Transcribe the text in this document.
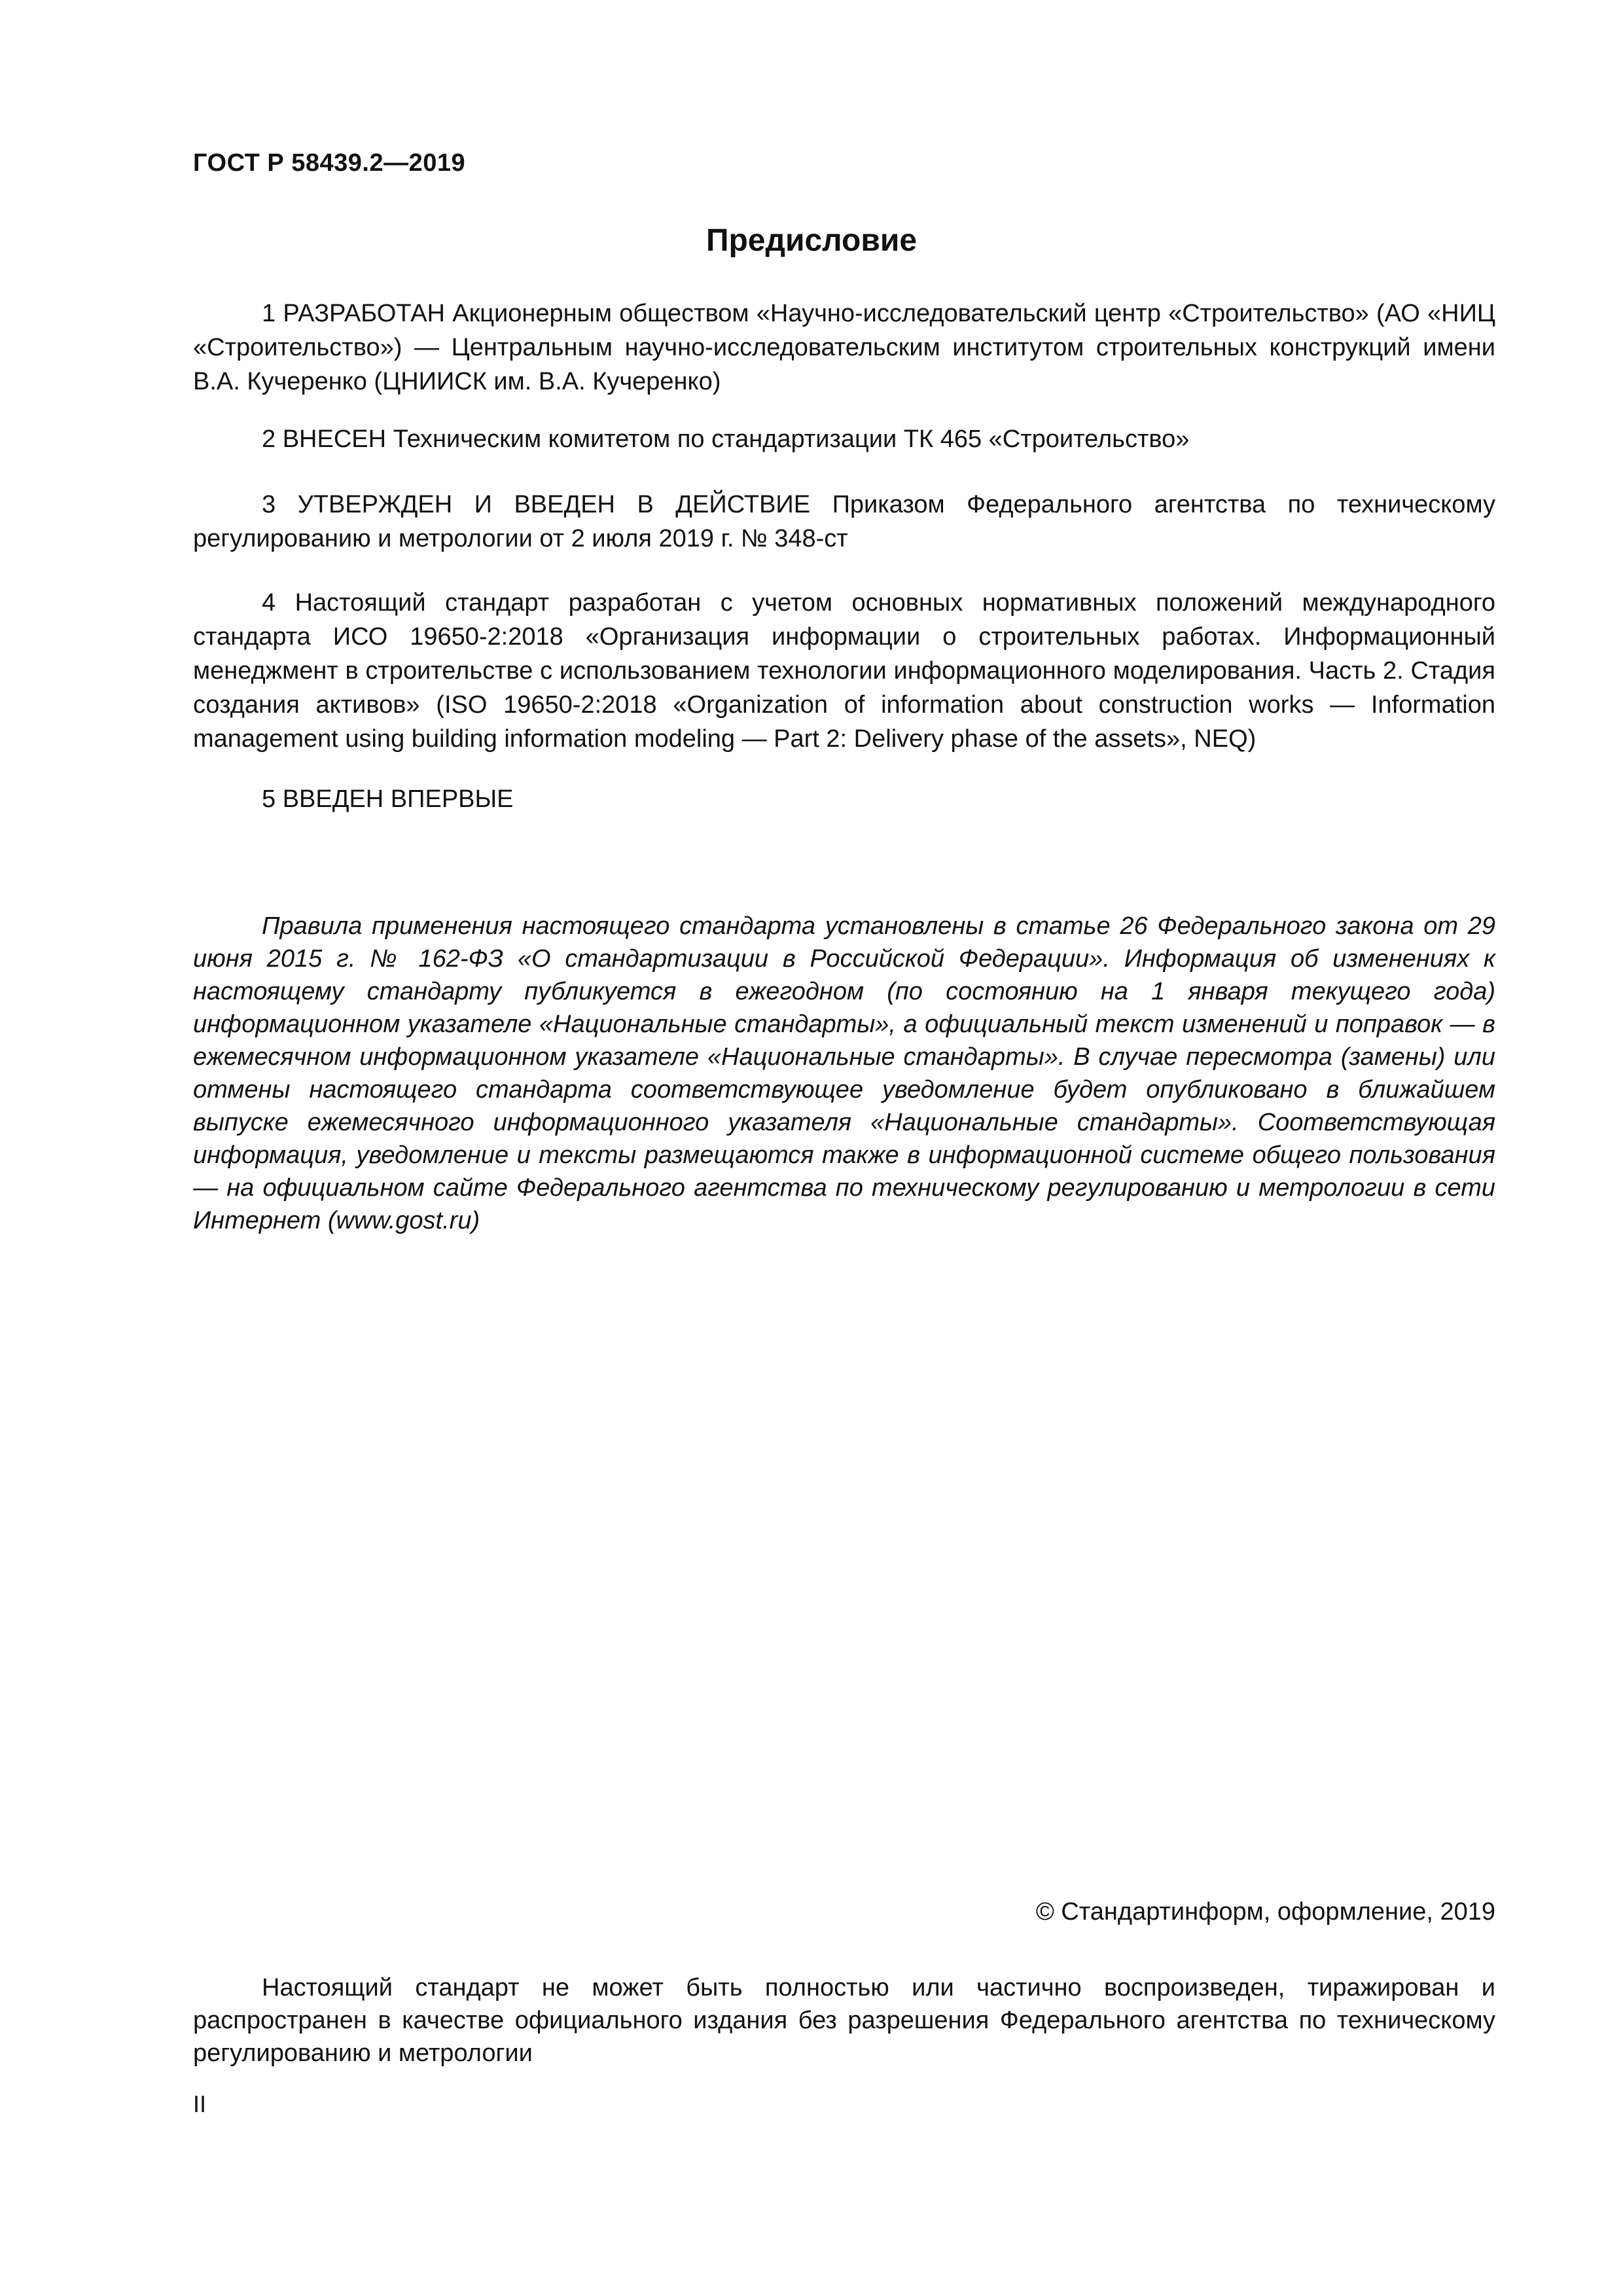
ГОСТ Р 58439.2—2019
Предисловие
1 РАЗРАБОТАН Акционерным обществом «Научно-исследовательский центр «Строительство» (АО «НИЦ «Строительство») — Центральным научно-исследовательским институтом строительных конструкций имени В.А. Кучеренко (ЦНИИСК им. В.А. Кучеренко)
2 ВНЕСЕН Техническим комитетом по стандартизации ТК 465 «Строительство»
3 УТВЕРЖДЕН И ВВЕДЕН В ДЕЙСТВИЕ Приказом Федерального агентства по техническому регулированию и метрологии от 2 июля 2019 г. № 348-ст
4 Настоящий стандарт разработан с учетом основных нормативных положений международного стандарта ИСО 19650-2:2018 «Организация информации о строительных работах. Информационный менеджмент в строительстве с использованием технологии информационного моделирования. Часть 2. Стадия создания активов» (ISO 19650-2:2018 «Organization of information about construction works — Information management using building information modeling — Part 2: Delivery phase of the assets», NEQ)
5 ВВЕДЕН ВПЕРВЫЕ
Правила применения настоящего стандарта установлены в статье 26 Федерального закона от 29 июня 2015 г. № 162-ФЗ «О стандартизации в Российской Федерации». Информация об изменениях к настоящему стандарту публикуется в ежегодном (по состоянию на 1 января текущего года) информационном указателе «Национальные стандарты», а официальный текст изменений и поправок — в ежемесячном информационном указателе «Национальные стандарты». В случае пересмотра (замены) или отмены настоящего стандарта соответствующее уведомление будет опубликовано в ближайшем выпуске ежемесячного информационного указателя «Национальные стандарты». Соответствующая информация, уведомление и тексты размещаются также в информационной системе общего пользования — на официальном сайте Федерального агентства по техническому регулированию и метрологии в сети Интернет (www.gost.ru)
© Стандартинформ, оформление, 2019
Настоящий стандарт не может быть полностью или частично воспроизведен, тиражирован и распространен в качестве официального издания без разрешения Федерального агентства по техническому регулированию и метрологии
II
